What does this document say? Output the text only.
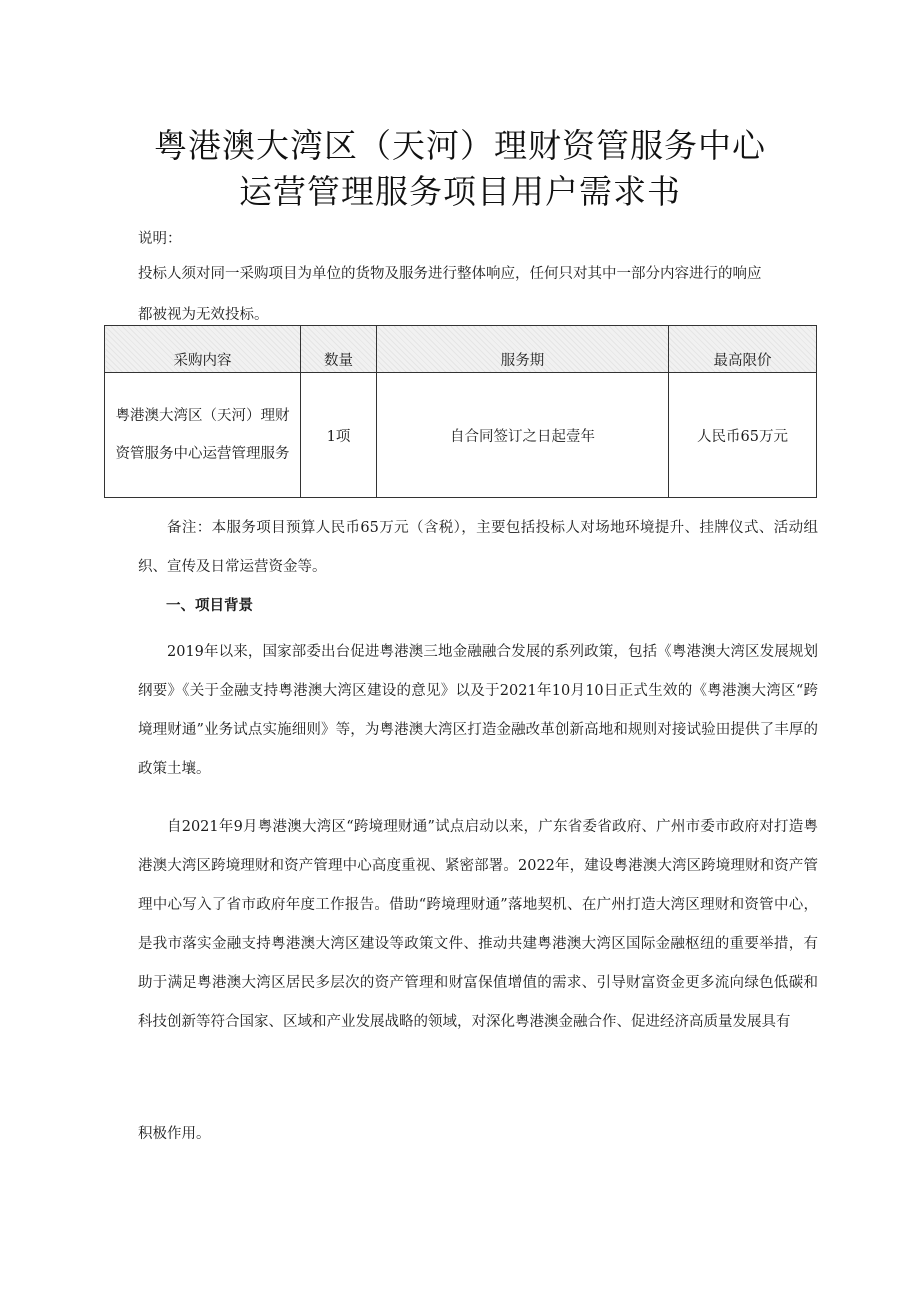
粤港澳大湾区（天河）理财资管服务中心
运营管理服务项目用户需求书
说明：
投标人须对同一采购项目为单位的货物及服务进行整体响应，任何只对其中一部分内容进行的响应
都被视为无效投标。
采购内容	数量	服务期	最高限价

粤港澳大湾区（天河）理财资管服务中心运营管理服务	1项	自合同签订之日起壹年	人民币65万元
备注：本服务项目预算人民币65万元（含税），主要包括投标人对场地环境提升、挂牌仪式、活动组织、宣传及日常运营资金等。
一、项目背景
2019年以来，国家部委出台促进粤港澳三地金融融合发展的系列政策，包括《粤港澳大湾区发展规划纲要》《关于金融支持粤港澳大湾区建设的意见》以及于2021年10月10日正式生效的《粤港澳大湾区“跨境理财通”业务试点实施细则》等，为粤港澳大湾区打造金融改革创新高地和规则对接试验田提供了丰厚的政策土壤。
自2021年9月粤港澳大湾区“跨境理财通”试点启动以来，广东省委省政府、广州市委市政府对打造粤港澳大湾区跨境理财和资产管理中心高度重视、紧密部署。2022年，建设粤港澳大湾区跨境理财和资产管理中心写入了省市政府年度工作报告。借助“跨境理财通”落地契机、在广州打造大湾区理财和资管中心，是我市落实金融支持粤港澳大湾区建设等政策文件、推动共建粤港澳大湾区国际金融枢纽的重要举措，有助于满足粤港澳大湾区居民多层次的资产管理和财富保值增值的需求、引导财富资金更多流向绿色低碳和科技创新等符合国家、区域和产业发展战略的领域，对深化粤港澳金融合作、促进经济高质量发展具有
积极作用。
